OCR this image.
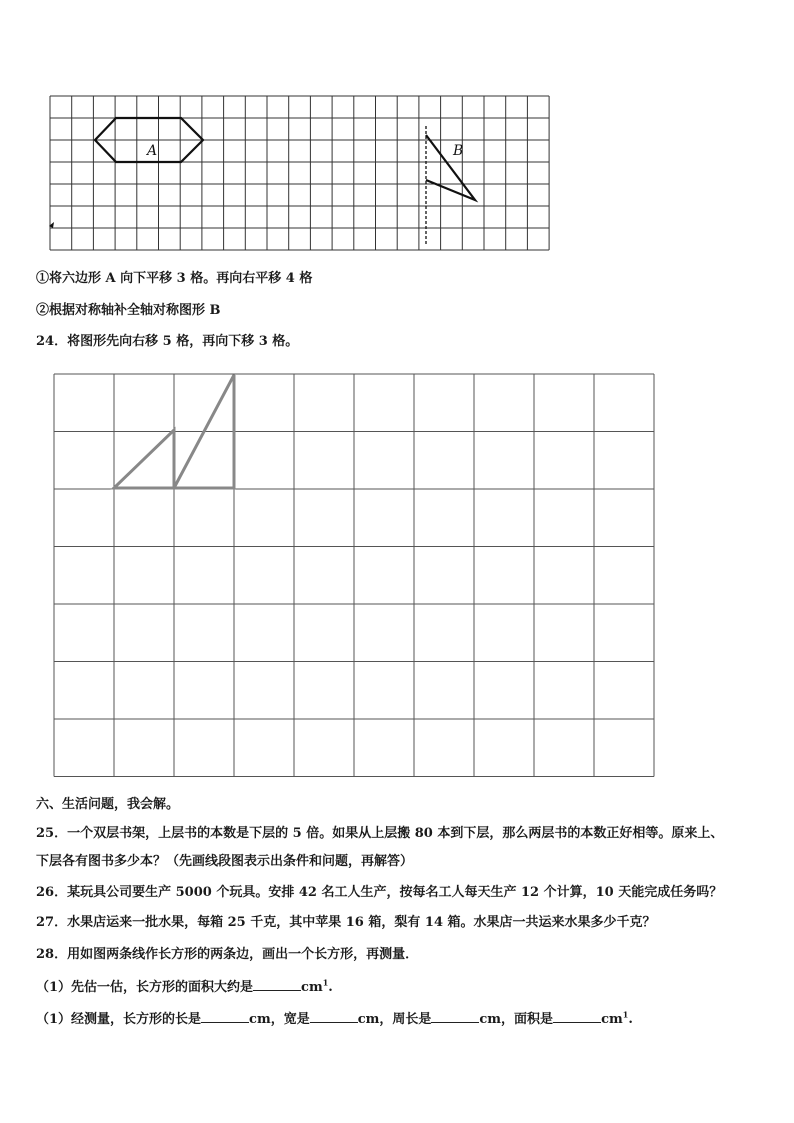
A	B
①将六边形 A 向下平移 3 格。再向右平移 4 格
②根据对称轴补全轴对称图形 B
24．将图形先向右移 5 格，再向下移 3 格。
六、生活问题，我会解。
25．一个双层书架，上层书的本数是下层的 5 倍。如果从上层搬 80 本到下层，那么两层书的本数正好相等。原来上、
下层各有图书多少本？（先画线段图表示出条件和问题，再解答）
26．某玩具公司要生产 5000 个玩具。安排 42 名工人生产，按每名工人每天生产 12 个计算，10 天能完成任务吗？
27．水果店运来一批水果，每箱 25 千克，其中苹果 16 箱，梨有 14 箱。水果店一共运来水果多少千克？
28．用如图两条线作长方形的两条边，画出一个长方形，再测量．
（1）先估一估，长方形的面积大约是	$cm^1$.
（1）经测量，长方形的长是	cm，宽是	cm，周长是	cm，面积是	$cm^1$.
